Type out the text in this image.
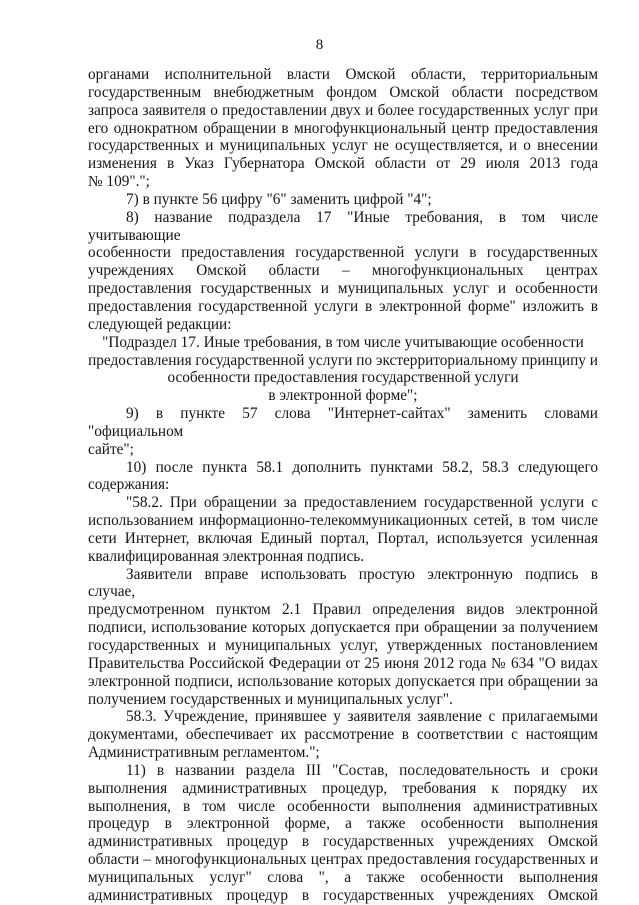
8

органами исполнительной власти Омской области, территориальным

государственным внебюджетным фондом Омской области посредством

запроса заявителя о предоставлении двух и более государственных услуг при

его однократном обращении в многофункциональный центр предоставления

государственных и муниципальных услуг не осуществляется, и о внесении

изменения в Указ Губернатора Омской области от 29 июля 2013 года

№ 109".";

7) в пункте 56 цифру "6" заменить цифрой "4";

8) название подраздела 17 "Иные требования, в том числе учитывающие

особенности предоставления государственной услуги в государственных

учреждениях Омской области – многофункциональных центрах

предоставления государственных и муниципальных услуг и особенности

предоставления государственной услуги в электронной форме" изложить в

следующей редакции:

"Подраздел 17. Иные требования, в том числе учитывающие особенности

предоставления государственной услуги по экстерриториальному принципу и

особенности предоставления государственной услуги

в электронной форме";

9) в пункте 57 слова "Интернет-сайтах" заменить словами "официальном

сайте";

10) после пункта 58.1 дополнить пунктами 58.2, 58.3 следующего

содержания:

"58.2. При обращении за предоставлением государственной услуги с

использованием информационно-телекоммуникационных сетей, в том числе

сети Интернет, включая Единый портал, Портал, используется усиленная

квалифицированная электронная подпись.

Заявители вправе использовать простую электронную подпись в случае,

предусмотренном пунктом 2.1 Правил определения видов электронной

подписи, использование которых допускается при обращении за получением

государственных и муниципальных услуг, утвержденных постановлением

Правительства Российской Федерации от 25 июня 2012 года № 634 "О видах

электронной подписи, использование которых допускается при обращении за

получением государственных и муниципальных услуг".

58.3. Учреждение, принявшее у заявителя заявление с прилагаемыми

документами, обеспечивает их рассмотрение в соответствии с настоящим

Административным регламентом.";

11) в названии раздела III "Состав, последовательность и сроки

выполнения административных процедур, требования к порядку их

выполнения, в том числе особенности выполнения административных

процедур в электронной форме, а также особенности выполнения

административных процедур в государственных учреждениях Омской

области – многофункциональных центрах предоставления государственных и

муниципальных услуг" слова ", а также особенности выполнения

административных процедур в государственных учреждениях Омской
